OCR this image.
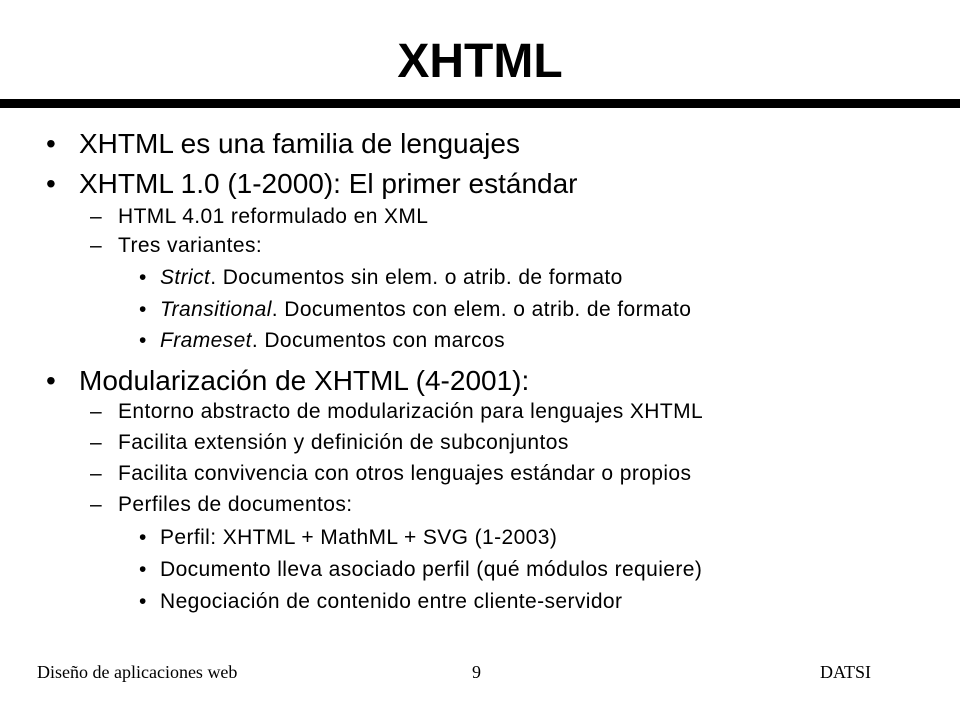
XHTML
• XHTML es una familia de lenguajes
• XHTML 1.0 (1-2000): El primer estándar
– HTML 4.01 reformulado en XML
– Tres variantes:
• Strict. Documentos sin elem. o atrib. de formato
• Transitional. Documentos con elem. o atrib. de formato
• Frameset. Documentos con marcos
• Modularización de XHTML (4-2001):
– Entorno abstracto de modularización para lenguajes XHTML
– Facilita extensión y definición de subconjuntos
– Facilita convivencia con otros lenguajes estándar o propios
– Perfiles de documentos:
• Perfil: XHTML + MathML + SVG (1-2003)
• Documento lleva asociado perfil (qué módulos requiere)
• Negociación de contenido entre cliente-servidor
Diseño de aplicaciones web	9	DATSI
